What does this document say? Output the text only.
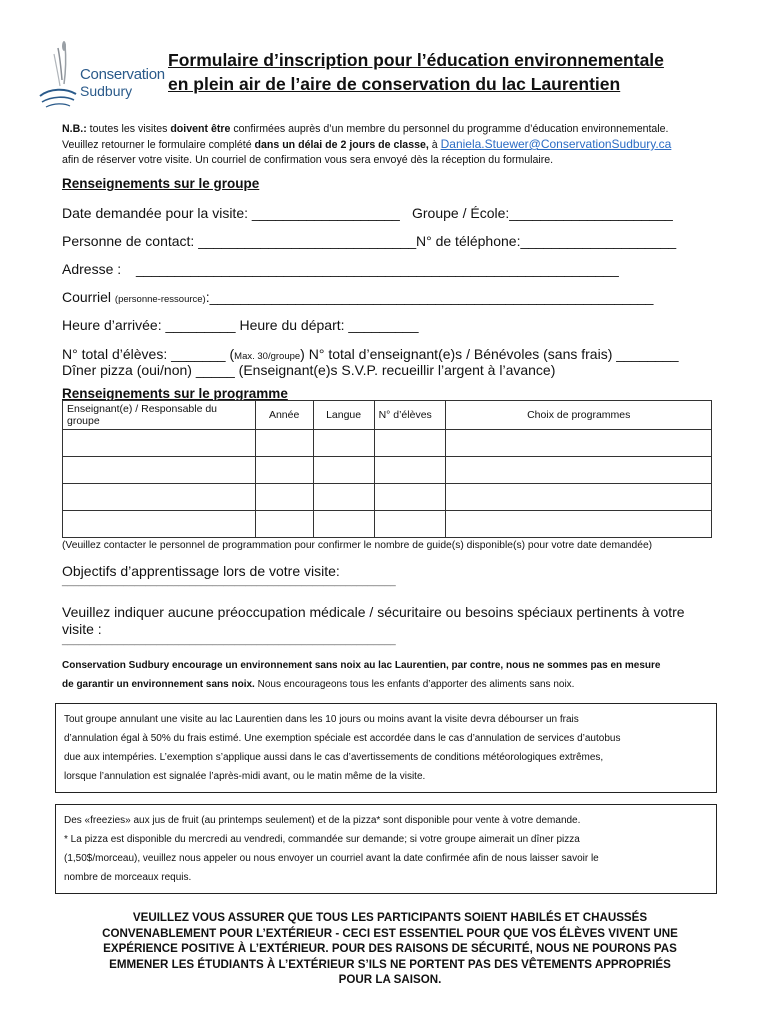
Conservation
Sudbury
Formulaire d’inscription pour l’éducation environnementale
en plein air de l’aire de conservation du lac Laurentien
N.B.: toutes les visites doivent être confirmées auprès d’un membre du personnel du programme d’éducation environnementale.
Veuillez retourner le formulaire complété dans un délai de 2 jours de classe, à Daniela.Stuewer@ConservationSudbury.ca
afin de réserver votre visite. Un courriel de confirmation vous sera envoyé dès la réception du formulaire.
Renseignements sur le groupe
Date demandée pour la visite: ___________________ Groupe / École:_____________________
Personne de contact: ____________________________ N° de téléphone:____________________
Adresse : ______________________________________________________________
Courriel (personne-ressource):_________________________________________________________
Heure d’arrivée: _________ Heure du départ: _________
N° total d’élèves: _______ (Max. 30/groupe) N° total d’enseignant(e)s / Bénévoles (sans frais) ________
Dîner pizza (oui/non) _____ (Enseignant(e)s S.V.P. recueillir l’argent à l’avance)
Renseignements sur le programme
Enseignant(e) / Responsable du groupe	Année	Langue	N° d’élèves	Choix de programmes

(Veuillez contacter le personnel de programmation pour confirmer le nombre de guide(s) disponible(s) pour votre date demandée)
Objectifs d’apprentissage lors de votre visite:
____________________________________________________________
Veuillez indiquer aucune préoccupation médicale / sécuritaire ou besoins spéciaux pertinents à votre
visite :
____________________________________________________________
Conservation Sudbury encourage un environnement sans noix au lac Laurentien, par contre, nous ne sommes pas en mesure
de garantir un environnement sans noix. Nous encourageons tous les enfants d’apporter des aliments sans noix.
Tout groupe annulant une visite au lac Laurentien dans les 10 jours ou moins avant la visite devra débourser un frais
d’annulation égal à 50% du frais estimé. Une exemption spéciale est accordée dans le cas d’annulation de services d’autobus
due aux intempéries. L’exemption s’applique aussi dans le cas d’avertissements de conditions météorologiques extrêmes,
lorsque l’annulation est signalée l’après-midi avant, ou le matin même de la visite.
Des «freezies» aux jus de fruit (au printemps seulement) et de la pizza* sont disponible pour vente à votre demande.
* La pizza est disponible du mercredi au vendredi, commandée sur demande; si votre groupe aimerait un dîner pizza
(1,50$/morceau), veuillez nous appeler ou nous envoyer un courriel avant la date confirmée afin de nous laisser savoir le
nombre de morceaux requis.
VEUILLEZ VOUS ASSURER QUE TOUS LES PARTICIPANTS SOIENT HABILÉS ET CHAUSSÉS
CONVENABLEMENT POUR L’EXTÉRIEUR - CECI EST ESSENTIEL POUR QUE VOS ÉLÈVES VIVENT UNE
EXPÉRIENCE POSITIVE À L’EXTÉRIEUR. POUR DES RAISONS DE SÉCURITÉ, NOUS NE POURONS PAS
EMMENER LES ÉTUDIANTS À L’EXTÉRIEUR S’ILS NE PORTENT PAS DES VÊTEMENTS APPROPRIÉS
POUR LA SAISON.
